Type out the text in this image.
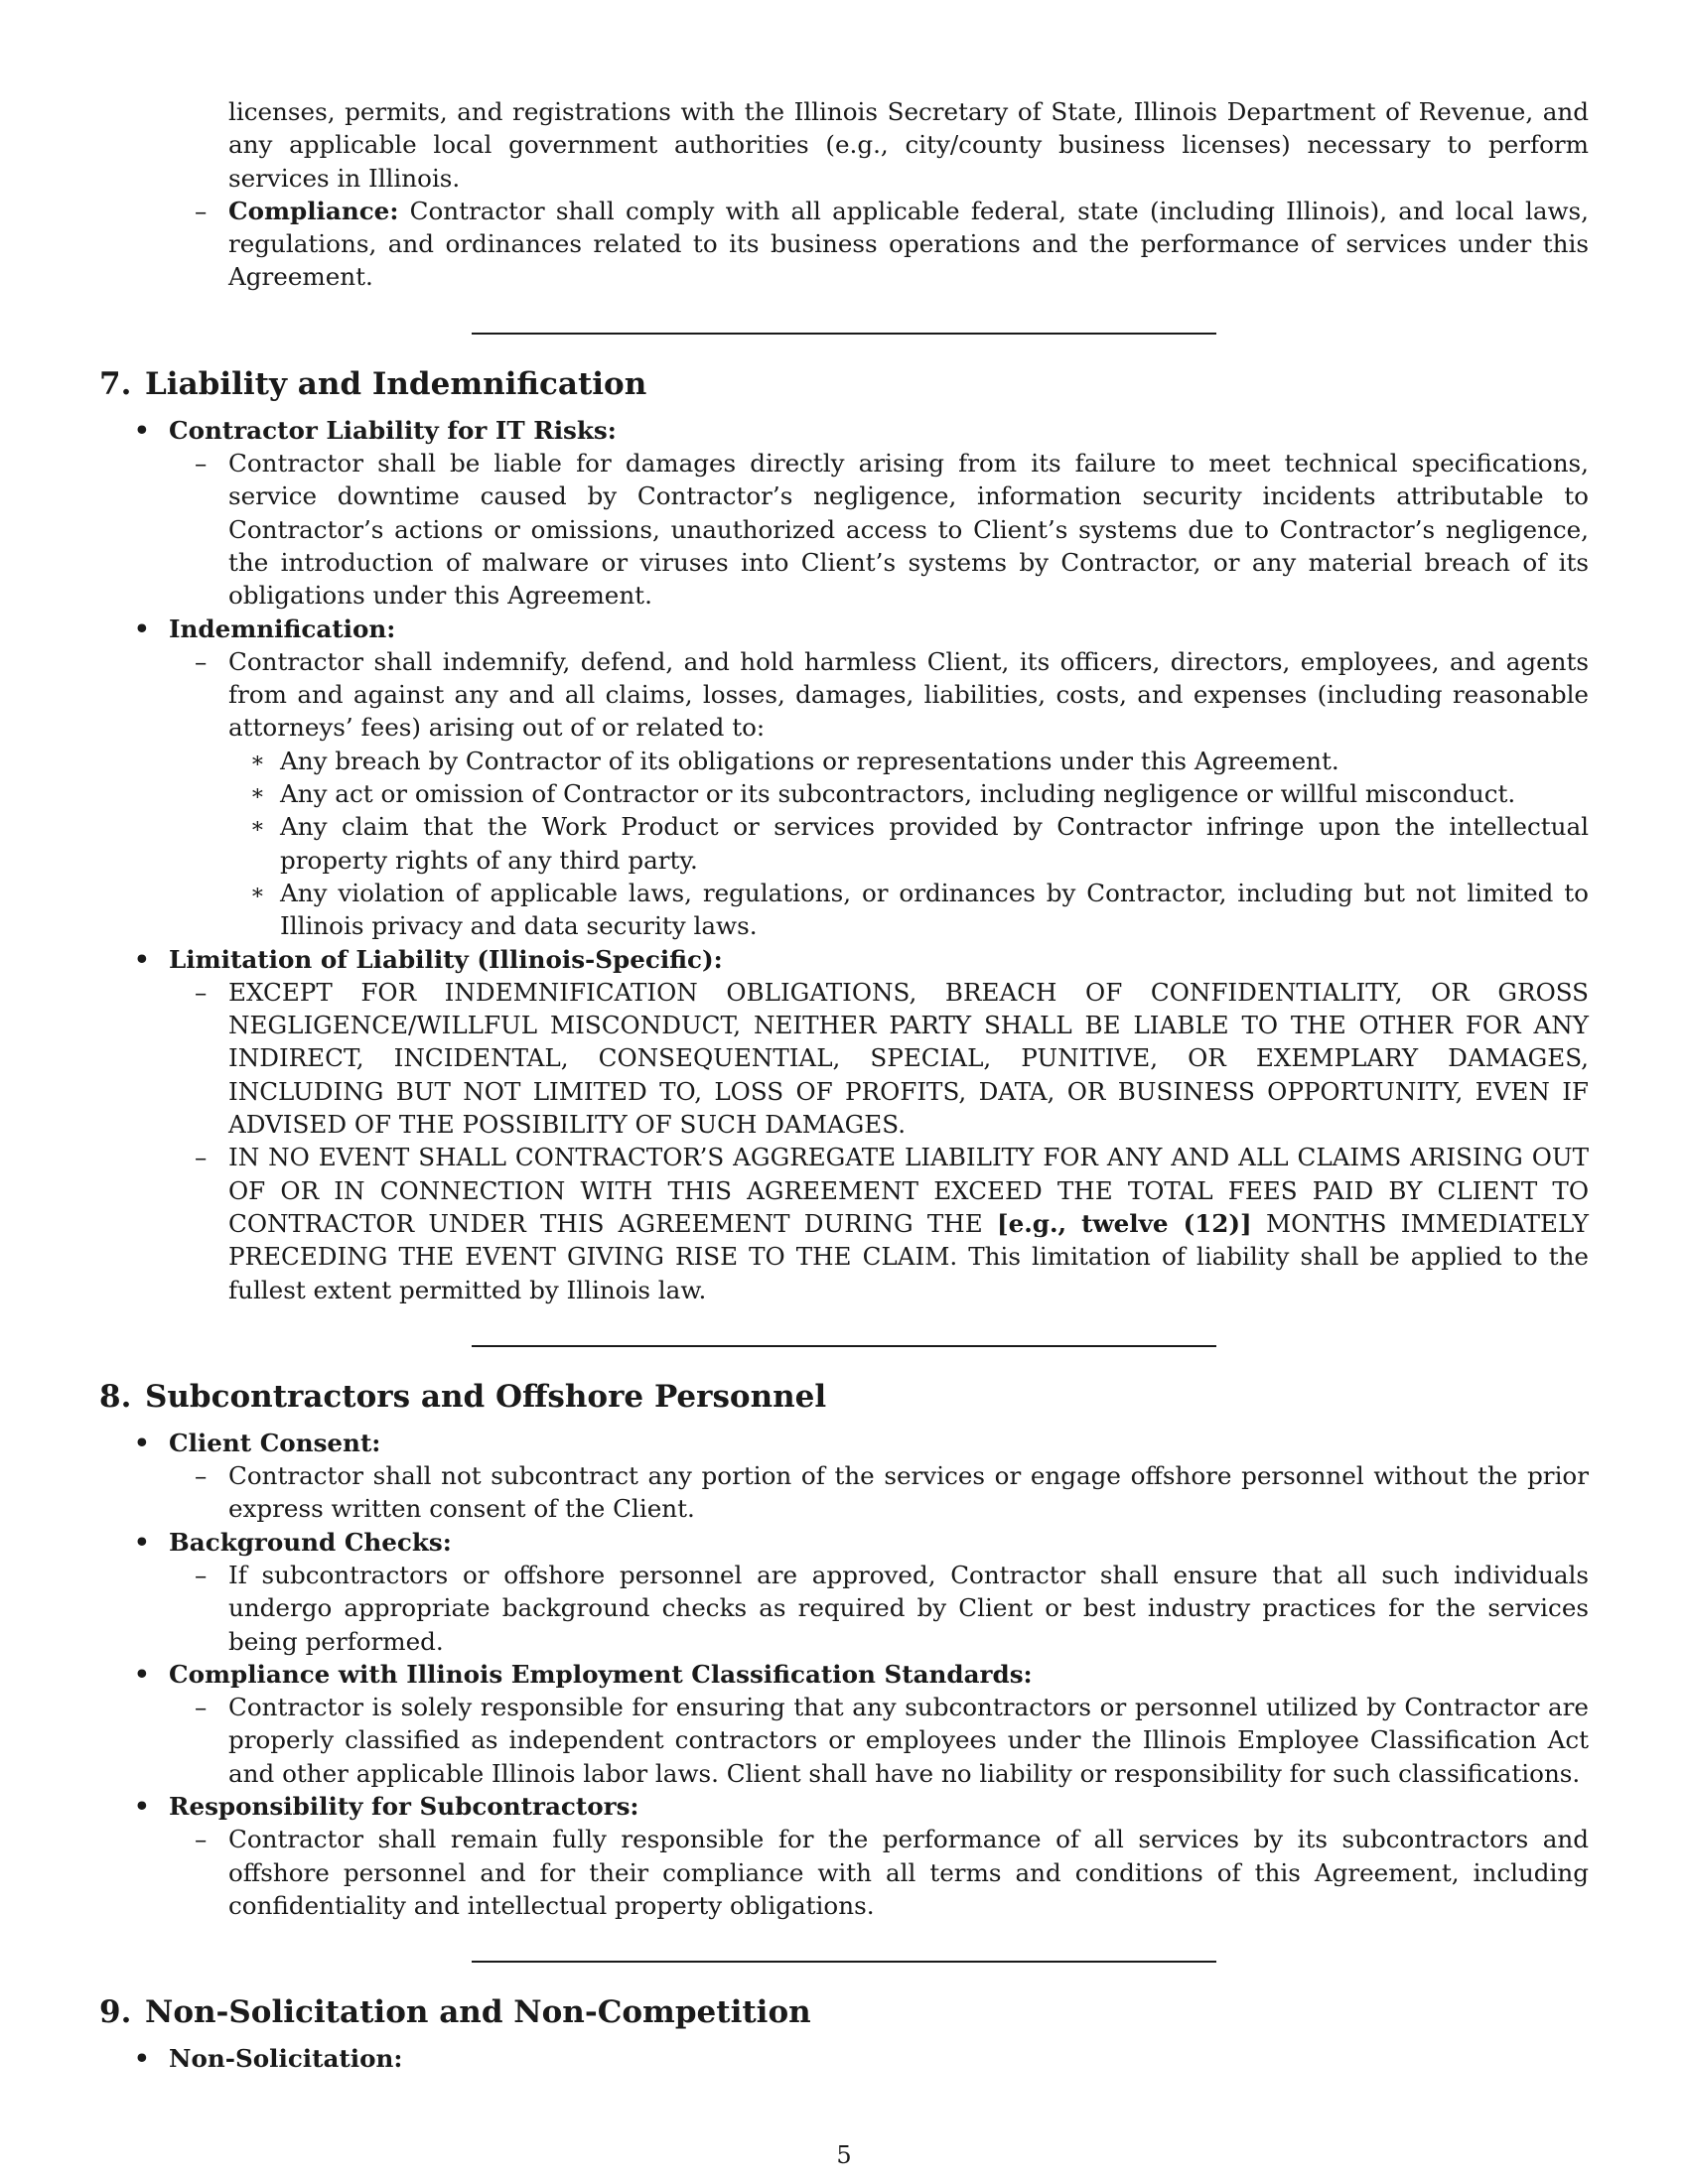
licenses, permits, and registrations with the Illinois Secretary of State, Illinois Department of Revenue, and any applicable local government authorities (e.g., city/county business licenses) necessary to perform services in Illinois.

– Compliance: Contractor shall comply with all applicable federal, state (including Illinois), and local laws, regulations, and ordinances related to its business operations and the performance of services under this Agreement.

7. Liability and Indemnification
• Contractor Liability for IT Risks:

– Contractor shall be liable for damages directly arising from its failure to meet technical specifications, service downtime caused by Contractor’s negligence, information security incidents attributable to Contractor’s actions or omissions, unauthorized access to Client’s systems due to Contractor’s negligence, the introduction of malware or viruses into Client’s systems by Contractor, or any material breach of its obligations under this Agreement.

• Indemnification:

– Contractor shall indemnify, defend, and hold harmless Client, its officers, directors, employees, and agents from and against any and all claims, losses, damages, liabilities, costs, and expenses (including reasonable attorneys’ fees) arising out of or related to:

∗ Any breach by Contractor of its obligations or representations under this Agreement.

∗ Any act or omission of Contractor or its subcontractors, including negligence or willful misconduct.

∗ Any claim that the Work Product or services provided by Contractor infringe upon the intellectual property rights of any third party.

∗ Any violation of applicable laws, regulations, or ordinances by Contractor, including but not limited to Illinois privacy and data security laws.

• Limitation of Liability (Illinois-Specific):

– EXCEPT FOR INDEMNIFICATION OBLIGATIONS, BREACH OF CONFIDENTIALITY, OR GROSS NEGLIGENCE/WILLFUL MISCONDUCT, NEITHER PARTY SHALL BE LIABLE TO THE OTHER FOR ANY INDIRECT, INCIDENTAL, CONSEQUENTIAL, SPECIAL, PUNITIVE, OR EXEMPLARY DAMAGES, INCLUDING BUT NOT LIMITED TO, LOSS OF PROFITS, DATA, OR BUSINESS OPPORTUNITY, EVEN IF ADVISED OF THE POSSIBILITY OF SUCH DAMAGES.

– IN NO EVENT SHALL CONTRACTOR’S AGGREGATE LIABILITY FOR ANY AND ALL CLAIMS ARISING OUT OF OR IN CONNECTION WITH THIS AGREEMENT EXCEED THE TOTAL FEES PAID BY CLIENT TO CONTRACTOR UNDER THIS AGREEMENT DURING THE [e.g., twelve (12)] MONTHS IMMEDIATELY PRECEDING THE EVENT GIVING RISE TO THE CLAIM. This limitation of liability shall be applied to the fullest extent permitted by Illinois law.

8. Subcontractors and Offshore Personnel
• Client Consent:

– Contractor shall not subcontract any portion of the services or engage offshore personnel without the prior express written consent of the Client.

• Background Checks:

– If subcontractors or offshore personnel are approved, Contractor shall ensure that all such individuals undergo appropriate background checks as required by Client or best industry practices for the services being performed.

• Compliance with Illinois Employment Classification Standards:

– Contractor is solely responsible for ensuring that any subcontractors or personnel utilized by Contractor are properly classified as independent contractors or employees under the Illinois Employee Classification Act and other applicable Illinois labor laws. Client shall have no liability or responsibility for such classifications.

• Responsibility for Subcontractors:

– Contractor shall remain fully responsible for the performance of all services by its subcontractors and offshore personnel and for their compliance with all terms and conditions of this Agreement, including confidentiality and intellectual property obligations.

9. Non-Solicitation and Non-Competition
• Non-Solicitation:
5
